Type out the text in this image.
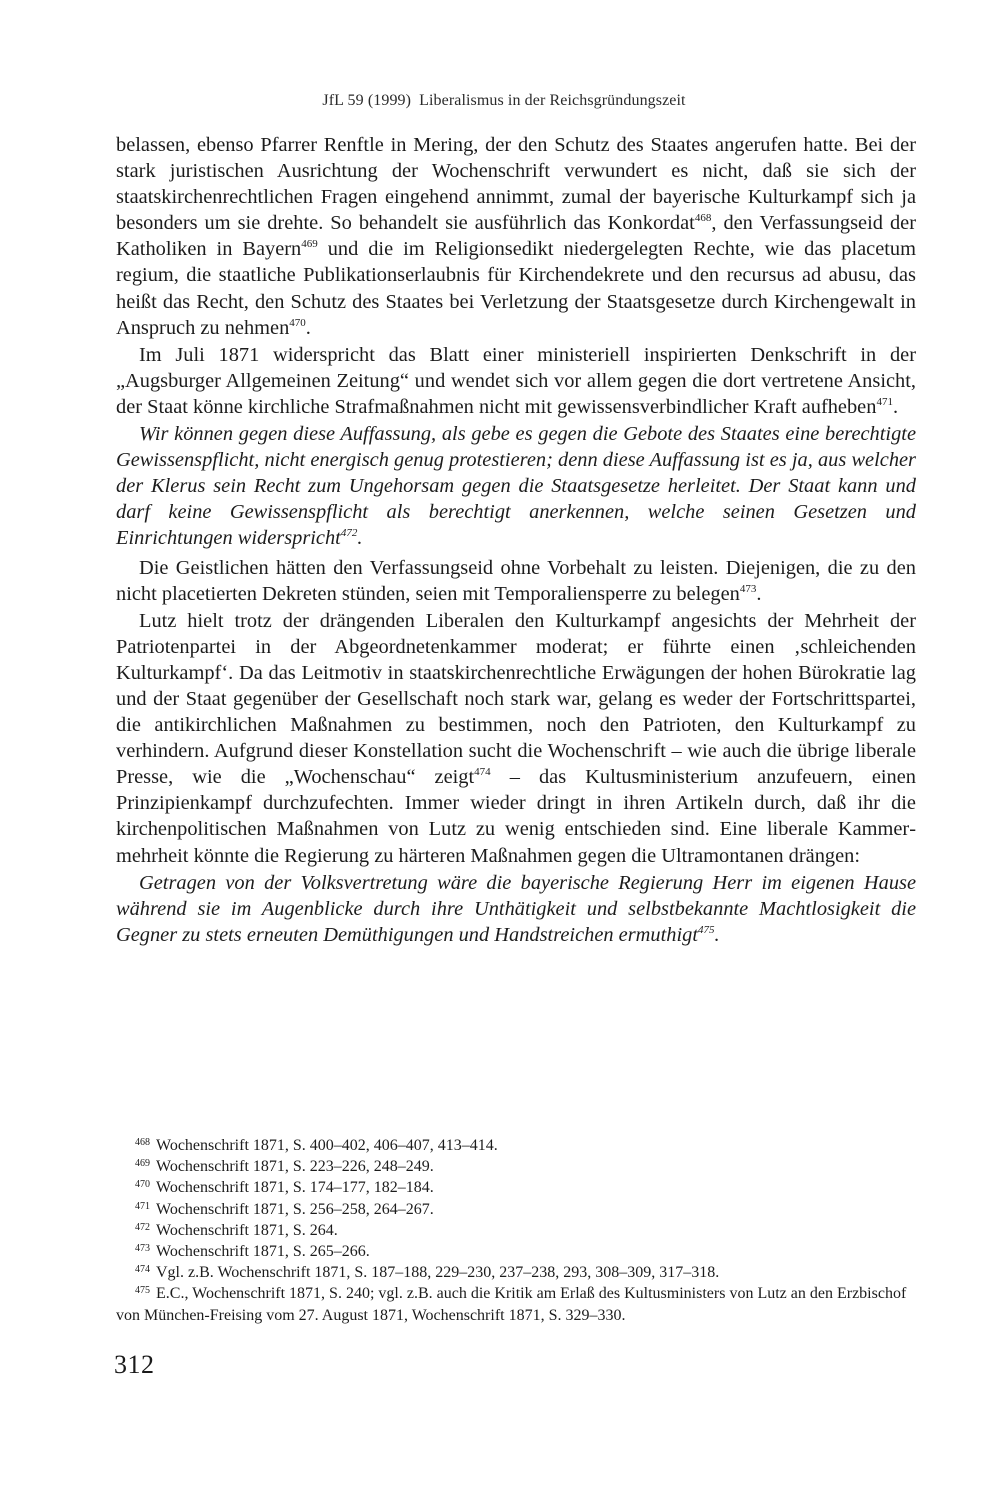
JfL 59 (1999) Liberalismus in der Reichsgründungszeit

belassen, ebenso Pfarrer Renftle in Mering, der den Schutz des Staates angerufen hatte. Bei der stark juristischen Ausrichtung der Wochenschrift verwundert es nicht, daß sie sich der staatskirchenrechtlichen Fragen eingehend annimmt, zumal der bayerische Kulturkampf sich ja besonders um sie drehte. So behandelt sie ausführlich das Konkordat$^{468}$, den Verfassungseid der Katholiken in Bayern$^{469}$ und die im Religionsedikt niedergelegten Rechte, wie das placetum regium, die staatliche Publikationserlaubnis für Kirchendekrete und den recursus ad abusu, das heißt das Recht, den Schutz des Staates bei Verletzung der Staatsgesetze durch Kirchengewalt in Anspruch zu nehmen$^{470}$.

Im Juli 1871 widerspricht das Blatt einer ministeriell inspirierten Denkschrift in der „Augsburger Allgemeinen Zeitung“ und wendet sich vor allem gegen die dort vertretene Ansicht, der Staat könne kirchliche Strafmaßnahmen nicht mit gewissensverbindlicher Kraft aufheben$^{471}$.

Wir können gegen diese Auffassung, als gebe es gegen die Gebote des Staates eine berechtigte Gewissenspflicht, nicht energisch genug protestieren; denn diese Auffassung ist es ja, aus welcher der Klerus sein Recht zum Ungehorsam gegen die Staatsgesetze herleitet. Der Staat kann und darf keine Gewissenspflicht als berechtigt anerkennen, welche seinen Gesetzen und Einrichtungen widerspricht$^{472}$.

Die Geistlichen hätten den Verfassungseid ohne Vorbehalt zu leisten. Diejenigen, die zu den nicht placetierten Dekreten stünden, seien mit Temporaliensperre zu belegen$^{473}$.

Lutz hielt trotz der drängenden Liberalen den Kulturkampf angesichts der Mehrheit der Patriotenpartei in der Abgeordnetenkammer moderat; er führte einen ‚schleichenden Kulturkampf‘. Da das Leitmotiv in staatskirchenrechtliche Erwägungen der hohen Bürokratie lag und der Staat gegenüber der Gesellschaft noch stark war, gelang es weder der Fortschrittspartei, die antikirchlichen Maßnahmen zu bestimmen, noch den Patrioten, den Kulturkampf zu verhindern. Aufgrund dieser Konstellation sucht die Wochenschrift – wie auch die übrige liberale Presse, wie die „Wochenschau“ zeigt$^{474}$ – das Kultusministerium anzufeuern, einen Prinzipienkampf durchzufechten. Immer wieder dringt in ihren Artikeln durch, daß ihr die kirchenpolitischen Maßnahmen von Lutz zu wenig entschieden sind. Eine liberale Kammermehrheit könnte die Regierung zu härteren Maßnahmen gegen die Ultramontanen drängen:

Getragen von der Volksvertretung wäre die bayerische Regierung Herr im eigenen Hause während sie im Augenblicke durch ihre Unthätigkeit und selbstbekannte Machtlosigkeit die Gegner zu stets erneuten Demüthigungen und Handstreichen ermuthigt$^{475}$.

$^{468}$ Wochenschrift 1871, S. 400–402, 406–407, 413–414.

$^{469}$ Wochenschrift 1871, S. 223–226, 248–249.

$^{470}$ Wochenschrift 1871, S. 174–177, 182–184.

$^{471}$ Wochenschrift 1871, S. 256–258, 264–267.

$^{472}$ Wochenschrift 1871, S. 264.

$^{473}$ Wochenschrift 1871, S. 265–266.

$^{474}$ Vgl. z.B. Wochenschrift 1871, S. 187–188, 229–230, 237–238, 293, 308–309, 317–318.

$^{475}$ E.C., Wochenschrift 1871, S. 240; vgl. z.B. auch die Kritik am Erlaß des Kultusministers von Lutz an den Erzbischof von München-Freising vom 27. August 1871, Wochenschrift 1871, S. 329–330.

312
